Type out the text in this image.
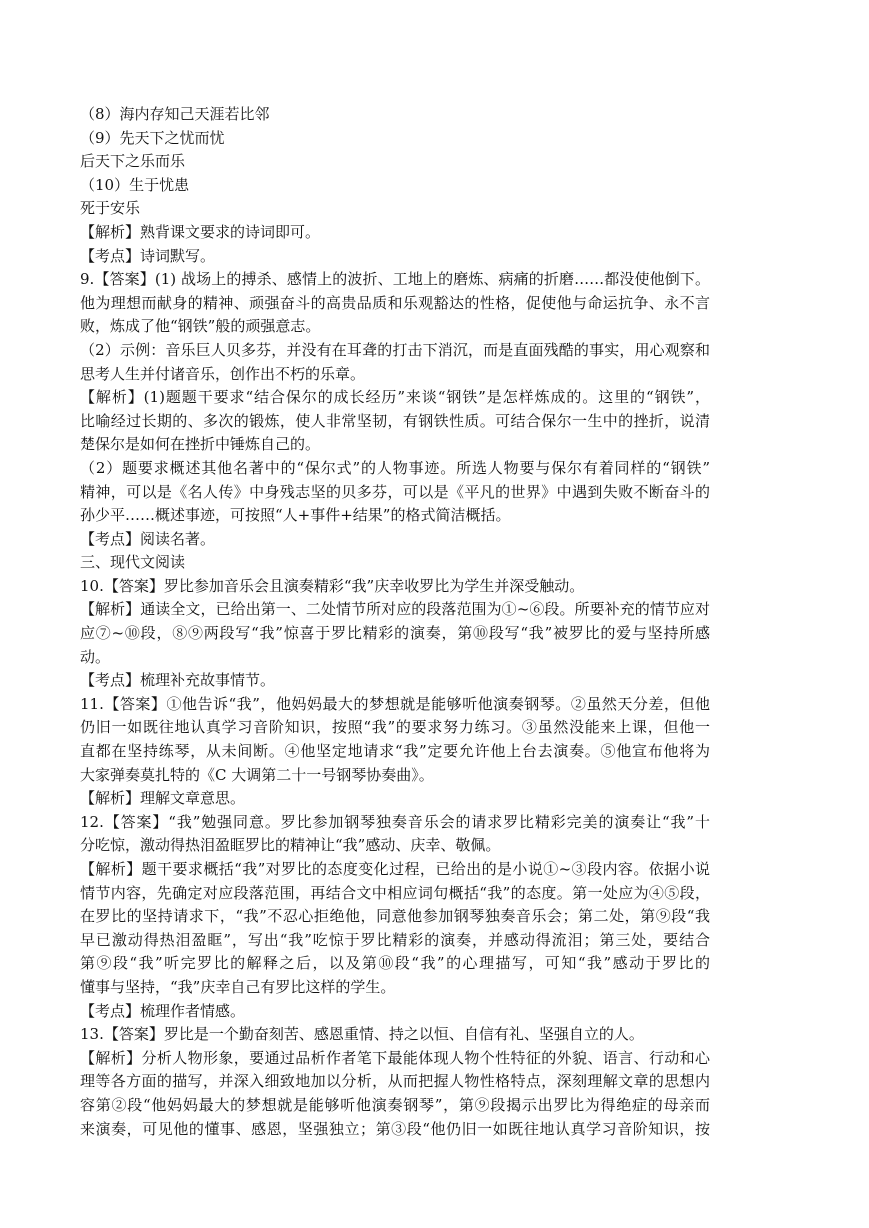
（8）海内存知己天涯若比邻
（9）先天下之忧而忧
后天下之乐而乐
（10）生于忧患
死于安乐
【解析】熟背课文要求的诗词即可。
【考点】诗词默写。
9.【答案】(1) 战场上的搏杀、感情上的波折、工地上的磨炼、病痛的折磨……都没使他倒下。
他为理想而献身的精神、顽强奋斗的高贵品质和乐观豁达的性格，促使他与命运抗争、永不言
败，炼成了他“钢铁”般的顽强意志。
（2）示例：音乐巨人贝多芬，并没有在耳聋的打击下消沉，而是直面残酷的事实，用心观察和
思考人生并付诸音乐，创作出不朽的乐章。
【解析】(1)题题干要求“结合保尔的成长经历”来谈“钢铁”是怎样炼成的。这里的“钢铁”，
比喻经过长期的、多次的锻炼，使人非常坚韧，有钢铁性质。可结合保尔一生中的挫折，说清
楚保尔是如何在挫折中锤炼自己的。
（2）题要求概述其他名著中的“保尔式”的人物事迹。所选人物要与保尔有着同样的“钢铁”
精神，可以是《名人传》中身残志坚的贝多芬，可以是《平凡的世界》中遇到失败不断奋斗的
孙少平……概述事迹，可按照“人+事件+结果”的格式简洁概括。
【考点】阅读名著。
三、现代文阅读
10.【答案】罗比参加音乐会且演奏精彩“我”庆幸收罗比为学生并深受触动。
【解析】通读全文，已给出第一、二处情节所对应的段落范围为①~⑥段。所要补充的情节应对
应⑦~⑩段，⑧⑨两段写“我”惊喜于罗比精彩的演奏，第⑩段写“我”被罗比的爱与坚持所感
动。
【考点】梳理补充故事情节。
11.【答案】①他告诉“我”，他妈妈最大的梦想就是能够听他演奏钢琴。②虽然天分差，但他
仍旧一如既往地认真学习音阶知识，按照“我”的要求努力练习。③虽然没能来上课，但他一
直都在坚持练琴，从未间断。④他坚定地请求“我”定要允许他上台去演奏。⑤他宣布他将为
大家弹奏莫扎特的《C 大调第二十一号钢琴协奏曲》。
【解析】理解文章意思。
12.【答案】“我”勉强同意。罗比参加钢琴独奏音乐会的请求罗比精彩完美的演奏让“我”十
分吃惊，激动得热泪盈眶罗比的精神让“我”感动、庆幸、敬佩。
【解析】题干要求概括“我”对罗比的态度变化过程，已给出的是小说①~③段内容。依据小说
情节内容，先确定对应段落范围，再结合文中相应词句概括“我”的态度。第一处应为④⑤段，
在罗比的坚持请求下，“我”不忍心拒绝他，同意他参加钢琴独奏音乐会；第二处，第⑨段“我
早已激动得热泪盈眶”，写出“我”吃惊于罗比精彩的演奏，并感动得流泪；第三处，要结合
第⑨段“我”听完罗比的解释之后，以及第⑩段“我”的心理描写，可知“我”感动于罗比的
懂事与坚持，“我”庆幸自己有罗比这样的学生。
【考点】梳理作者情感。
13.【答案】罗比是一个勤奋刻苦、感恩重情、持之以恒、自信有礼、坚强自立的人。
【解析】分析人物形象，要通过品析作者笔下最能体现人物个性特征的外貌、语言、行动和心
理等各方面的描写，并深入细致地加以分析，从而把握人物性格特点，深刻理解文章的思想内
容第②段“他妈妈最大的梦想就是能够听他演奏钢琴”，第⑨段揭示出罗比为得绝症的母亲而
来演奏，可见他的懂事、感恩，坚强独立；第③段“他仍旧一如既往地认真学习音阶知识，按
